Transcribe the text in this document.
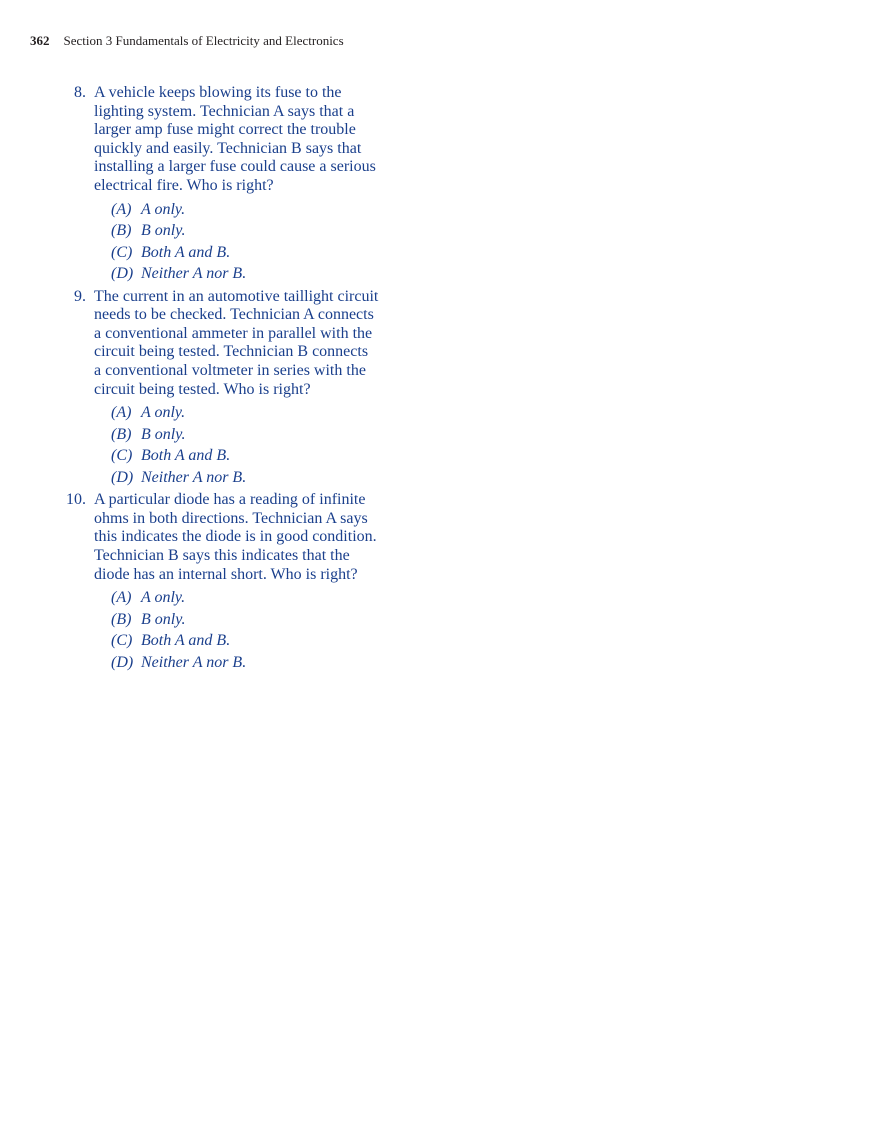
362 Section 3 Fundamentals of Electricity and Electronics
8. A vehicle keeps blowing its fuse to the
lighting system. Technician A says that a
larger amp fuse might correct the trouble
quickly and easily. Technician B says that
installing a larger fuse could cause a serious
electrical fire. Who is right?
(A) A only.
(B) B only.
(C) Both A and B.
(D) Neither A nor B.
9. The current in an automotive taillight circuit
needs to be checked. Technician A connects
a conventional ammeter in parallel with the
circuit being tested. Technician B connects
a conventional voltmeter in series with the
circuit being tested. Who is right?
(A) A only.
(B) B only.
(C) Both A and B.
(D) Neither A nor B.
10. A particular diode has a reading of infinite
ohms in both directions. Technician A says
this indicates the diode is in good condition.
Technician B says this indicates that the
diode has an internal short. Who is right?
(A) A only.
(B) B only.
(C) Both A and B.
(D) Neither A nor B.
